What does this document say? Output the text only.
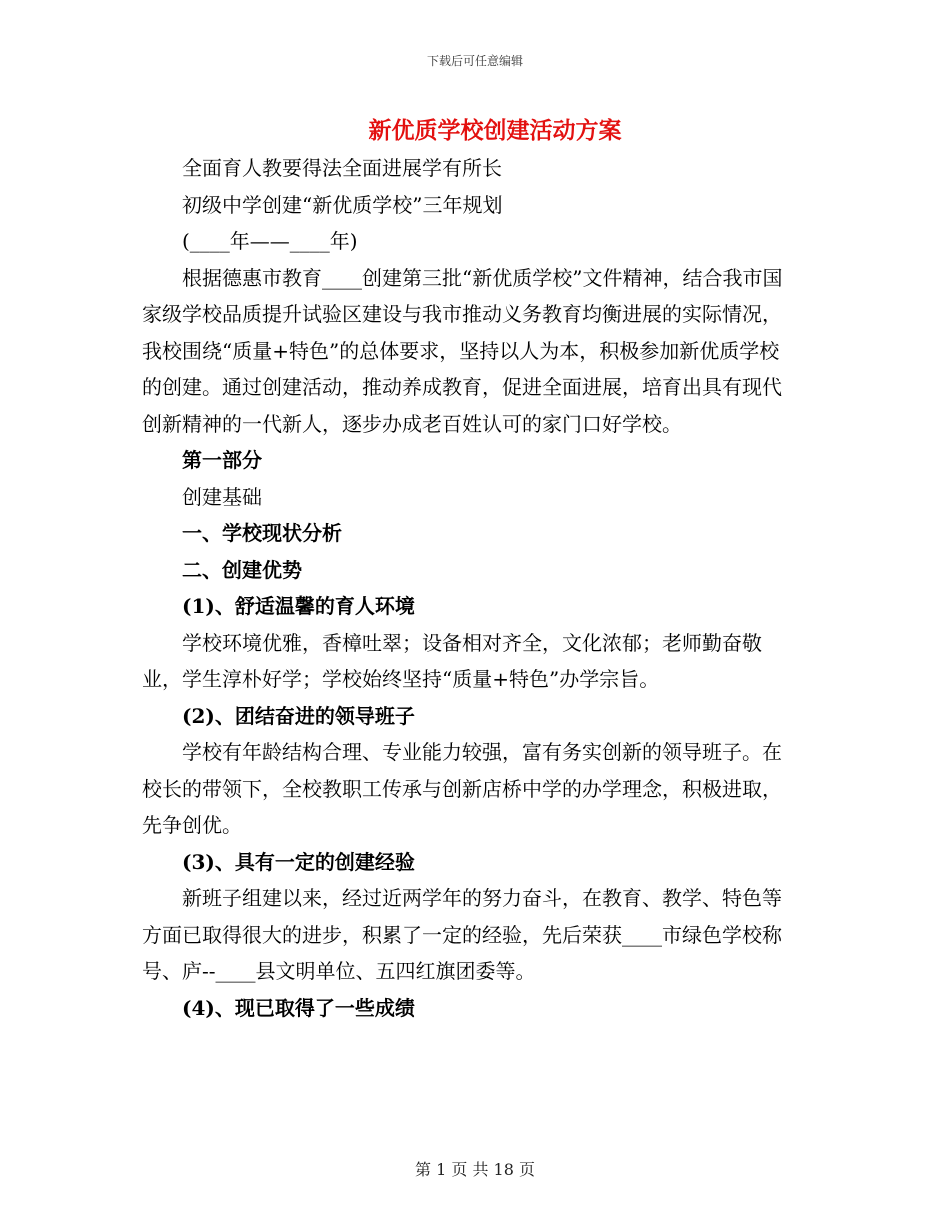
下载后可任意编辑
新优质学校创建活动方案

全面育人教要得法全面进展学有所长

初级中学创建“新优质学校”三年规划

(____年——____年)

根据德惠市教育____创建第三批“新优质学校”文件精神，结合我市国家级学校品质提升试验区建设与我市推动义务教育均衡进展的实际情况，我校围绕“质量+特色”的总体要求，坚持以人为本，积极参加新优质学校的创建。通过创建活动，推动养成教育，促进全面进展，培育出具有现代创新精神的一代新人，逐步办成老百姓认可的家门口好学校。

第一部分

创建基础

一、学校现状分析

二、创建优势

(1)、舒适温馨的育人环境

学校环境优雅，香樟吐翠；设备相对齐全，文化浓郁；老师勤奋敬业，学生淳朴好学；学校始终坚持“质量+特色”办学宗旨。

(2)、团结奋进的领导班子

学校有年龄结构合理、专业能力较强，富有务实创新的领导班子。在校长的带领下，全校教职工传承与创新店桥中学的办学理念，积极进取，先争创优。

(3)、具有一定的创建经验

新班子组建以来，经过近两学年的努力奋斗，在教育、教学、特色等方面已取得很大的进步，积累了一定的经验，先后荣获____市绿色学校称号、庐--____县文明单位、五四红旗团委等。

(4)、现已取得了一些成绩

第 1 页 共 18 页
